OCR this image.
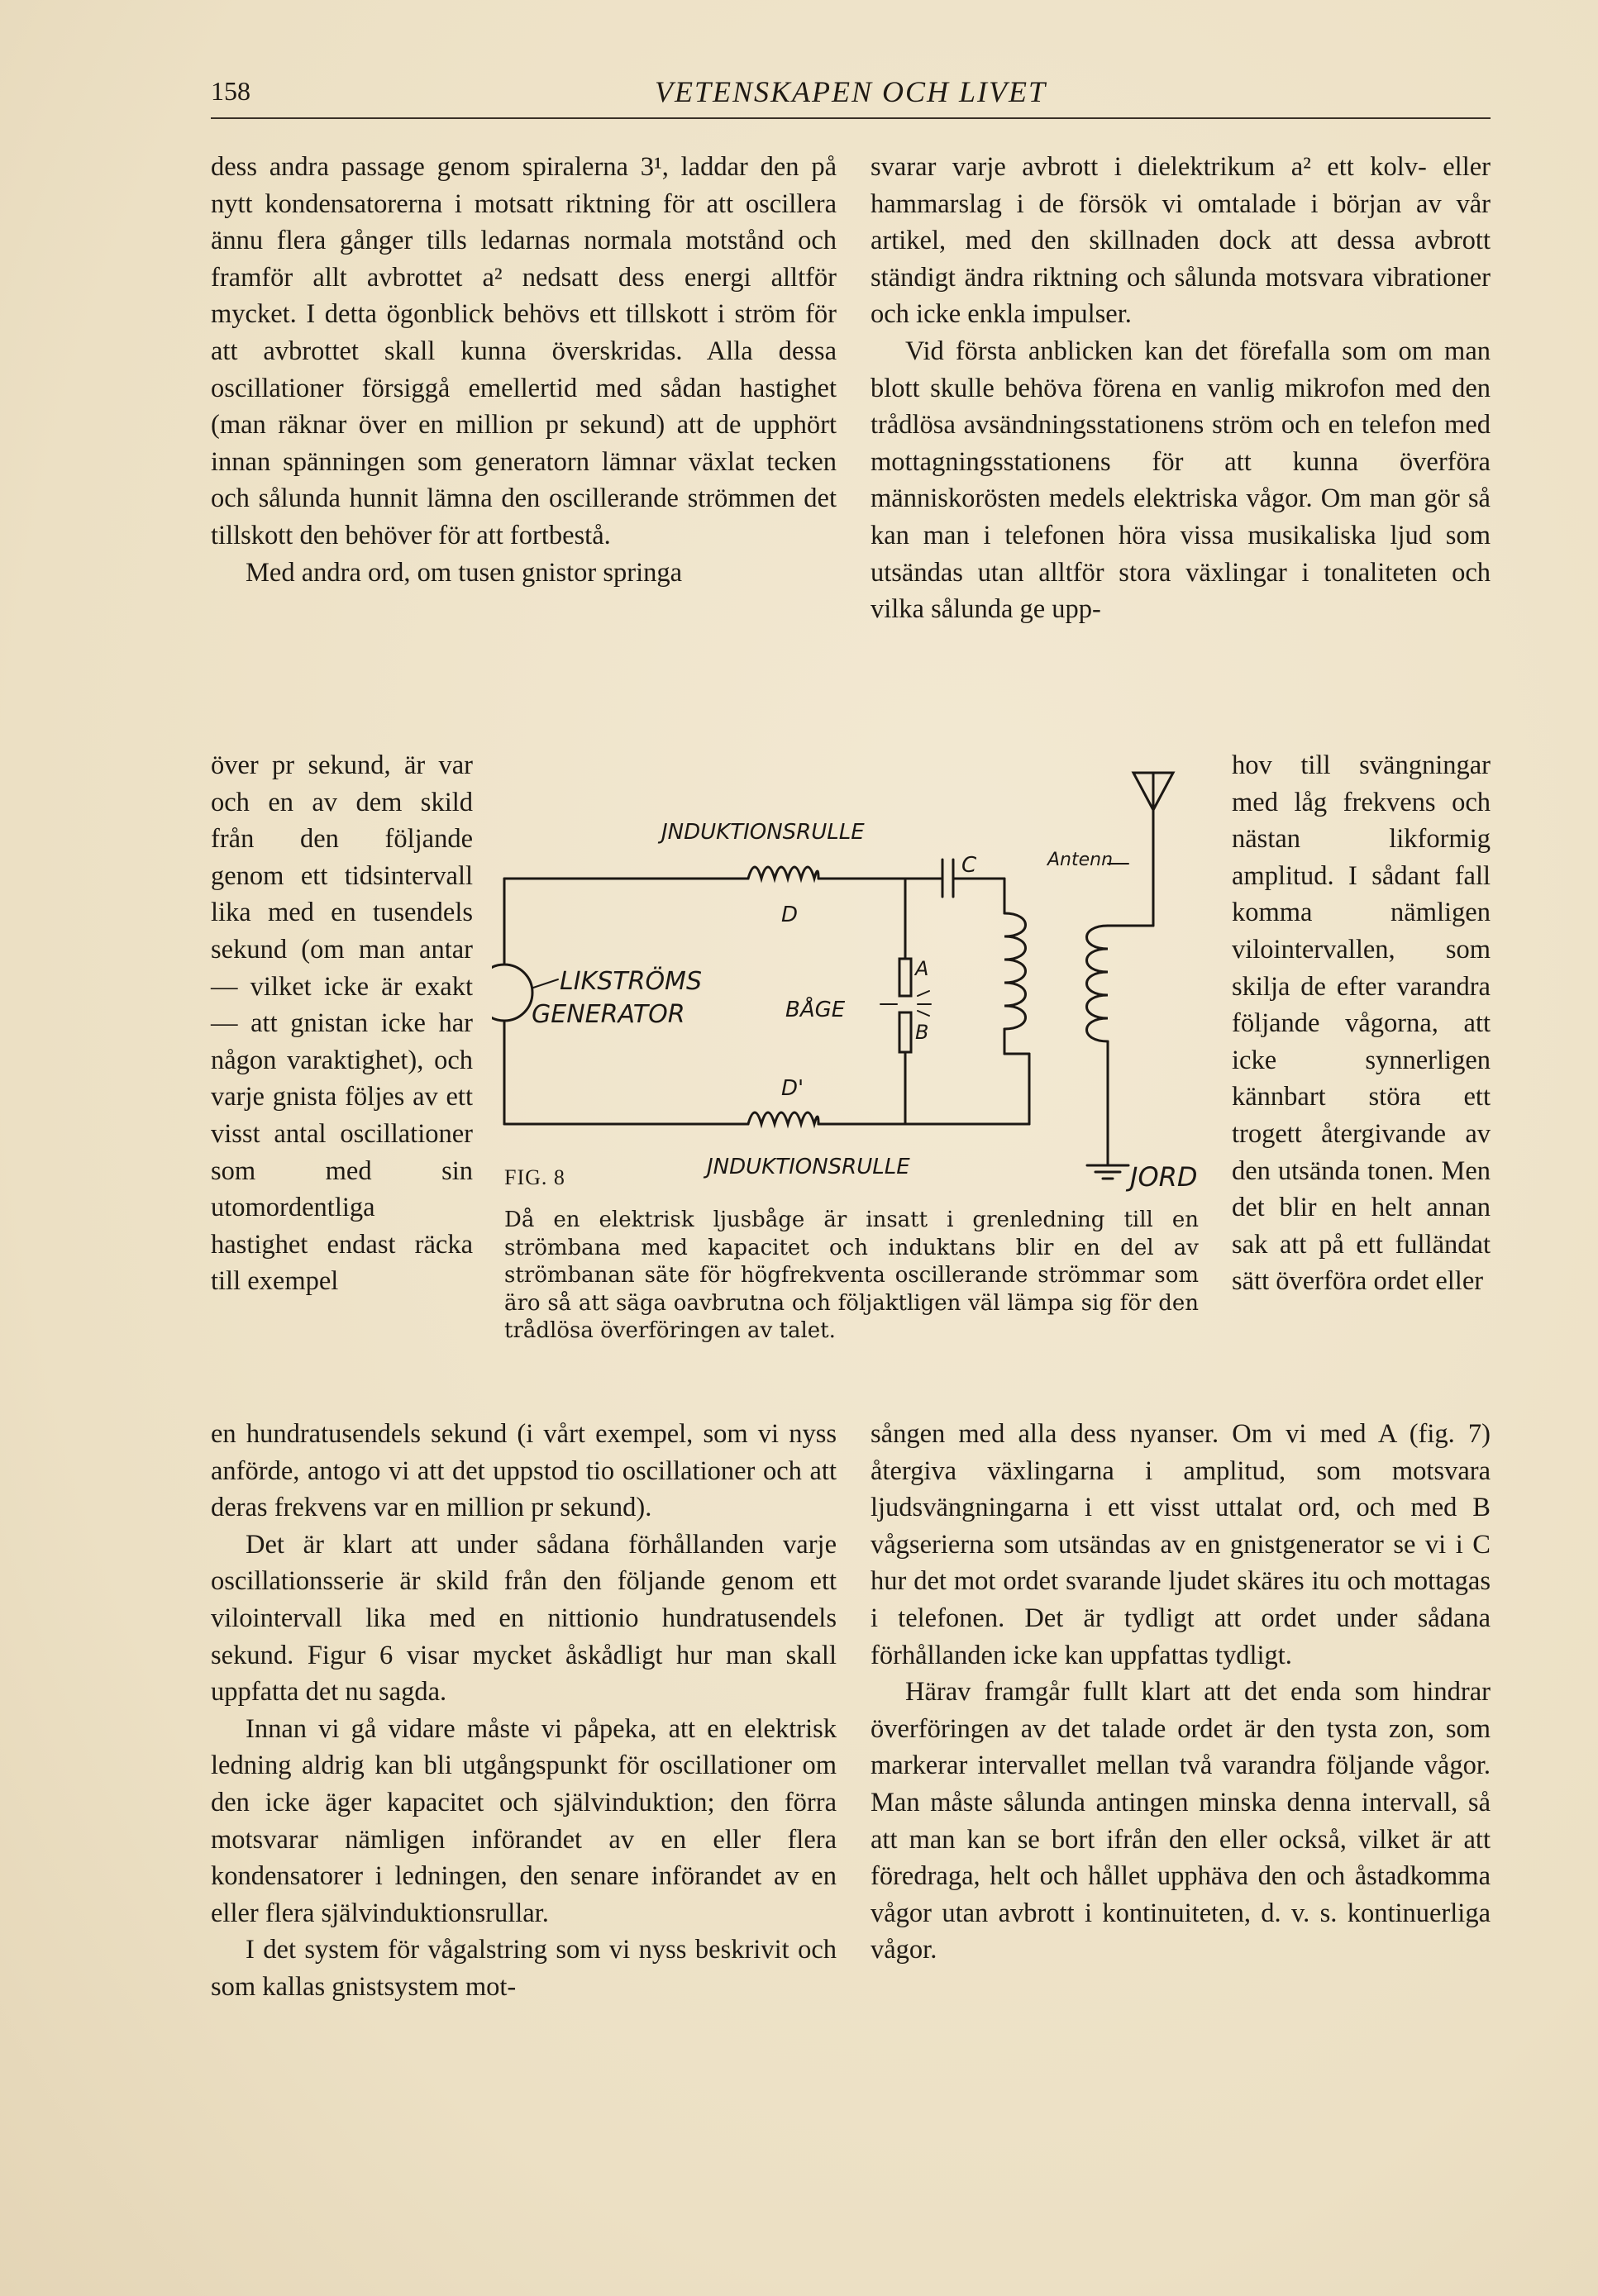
158	VETENSKAPEN OCH LIVET

dess andra passage genom spiralerna 3¹, laddar den på nytt kondensatorerna i motsatt riktning för att oscillera ännu flera gånger tills ledarnas normala motstånd och framför allt avbrottet a² nedsatt dess energi alltför mycket. I detta ögonblick behövs ett tillskott i ström för att avbrottet skall kunna överskridas. Alla dessa oscillationer försiggå emellertid med sådan hastighet (man räknar över en million pr sekund) att de upphört innan spänningen som generatorn lämnar växlat tecken och sålunda hunnit lämna den oscillerande strömmen det tillskott den behöver för att fortbestå.

Med andra ord, om tusen gnistor springa

över pr sekund, är var och en av dem skild från den följande genom ett tidsintervall lika med en tusendels sekund (om man antar — vilket icke är exakt — att gnistan icke har någon varaktighet), och varje gnista följes av ett visst antal oscillationer som med sin utomordentliga hastighet endast räcka till exempel

svarar varje avbrott i dielektrikum a² ett kolv- eller hammarslag i de försök vi omtalade i början av vår artikel, med den skillnaden dock att dessa avbrott ständigt ändra riktning och sålunda motsvara vibrationer och icke enkla impulser.

Vid första anblicken kan det förefalla som om man blott skulle behöva förena en vanlig mikrofon med den trådlösa avsändningsstationens ström och en telefon med mottagningsstationens för att kunna överföra människorösten medels elektriska vågor. Om man gör så kan man i telefonen höra vissa musikaliska ljud som utsändas utan alltför stora växlingar i tonaliteten och vilka sålunda ge upp-

hov till svängningar med låg frekvens och nästan likformig amplitud. I sådant fall komma nämligen vilointervallen, som skilja de efter varandra följande vågorna, att icke synnerligen kännbart störa ett trogett återgivande av den utsända tonen. Men det blir en helt annan sak att på ett fulländat sätt överföra ordet eller

en hundratusendels sekund (i vårt exempel, som vi nyss anförde, antogo vi att det uppstod tio oscillationer och att deras frekvens var en million pr sekund).

Det är klart att under sådana förhållanden varje oscillationsserie är skild från den följande genom ett vilointervall lika med en nittionio hundratusendels sekund. Figur 6 visar mycket åskådligt hur man skall uppfatta det nu sagda.

Innan vi gå vidare måste vi påpeka, att en elektrisk ledning aldrig kan bli utgångspunkt för oscillationer om den icke äger kapacitet och självinduktion; den förra motsvarar nämligen införandet av en eller flera kondensatorer i ledningen, den senare införandet av en eller flera självinduktionsrullar.

I det system för vågalstring som vi nyss beskrivit och som kallas gnistsystem mot-

sången med alla dess nyanser. Om vi med A (fig. 7) återgiva växlingarna i amplitud, som motsvara ljudsvängningarna i ett visst uttalat ord, och med B vågserierna som utsändas av en gnistgenerator se vi i C hur det mot ordet svarande ljudet skäres itu och mottagas i telefonen. Det är tydligt att ordet under sådana förhållanden icke kan uppfattas tydligt.

Härav framgår fullt klart att det enda som hindrar överföringen av det talade ordet är den tysta zon, som markerar intervallet mellan två varandra följande vågor. Man måste sålunda antingen minska denna intervall, så att man kan se bort ifrån den eller också, vilket är att föredraga, helt och hållet upphäva den och åstadkomma vågor utan avbrott i kontinuiteten, d. v. s. kontinuerliga vågor.

JNDUKTIONSRULLE
C	Antenn
D
LIKSTRÖMS
GENERATOR	BÅGE
A
B
D'
JNDUKTIONSRULLE	JORD
FIG. 8
Då en elektrisk ljusbåge är insatt i grenledning till en strömbana med kapacitet och induktans blir en del av strömbanan säte för högfrekventa oscillerande strömmar som äro så att säga oavbrutna och följaktligen väl lämpa sig för den trådlösa överföringen av talet.
